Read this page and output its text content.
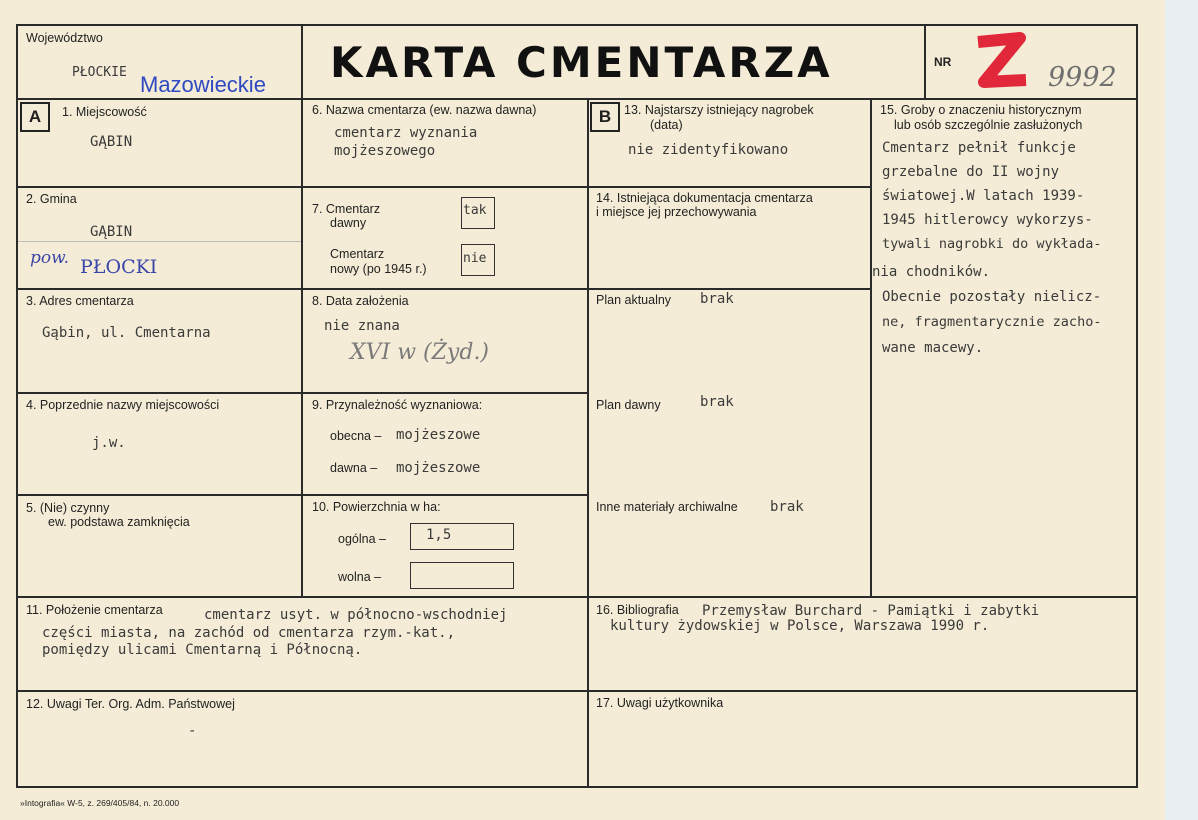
Województwo
PŁOCKIE Mazowieckie KARTA CMENTARZA	NR	9992
A	B
1. Miejscowość
GĄBIN
2. Gmina
GĄBIN
pow. PŁOCKI
3. Adres cmentarza
Gąbin, ul. Cmentarna
4. Poprzednie nazwy miejscowości
j.w.
5. (Nie) czynny
ew. podstawa zamknięcia
6. Nazwa cmentarza (ew. nazwa dawna)
cmentarz wyznania
mojżeszowego
7. Cmentarz
dawny
tak
Cmentarz
nowy (po 1945 r.)
nie
8. Data założenia
nie znana
XVI w (Żyd.)
9. Przynależność wyznaniowa:
obecna – mojżeszowe
dawna – mojżeszowe
10. Powierzchnia w ha:
ogólna –	1,5
wolna –
11. Położenie cmentarza	cmentarz usyt. w północno-wschodniej
części miasta, na zachód od cmentarza rzym.-kat.,
pomiędzy ulicami Cmentarną i Północną.
12. Uwagi Ter. Org. Adm. Państwowej
-
13. Najstarszy istniejący nagrobek
(data)
nie zidentyfikowano
14. Istniejąca dokumentacja cmentarza
i miejsce jej przechowywania
Plan aktualny brak
Plan dawny	brak
Inne materiały archiwalne brak
15. Groby o znaczeniu historycznym
lub osób szczególnie zasłużonych
Cmentarz pełnił funkcje
grzebalne do II wojny
światowej.W latach 1939-
1945 hitlerowcy wykorzys-
tywali nagrobki do wykłada-
nia chodników.
Obecnie pozostały nielicz-
ne, fragmentarycznie zacho-
wane macewy.
16. Bibliografia Przemysław Burchard - Pamiątki i zabytki
kultury żydowskiej w Polsce, Warszawa 1990 r.
17. Uwagi użytkownika
»Intografia« W-5, z. 269/405/84, n. 20.000
